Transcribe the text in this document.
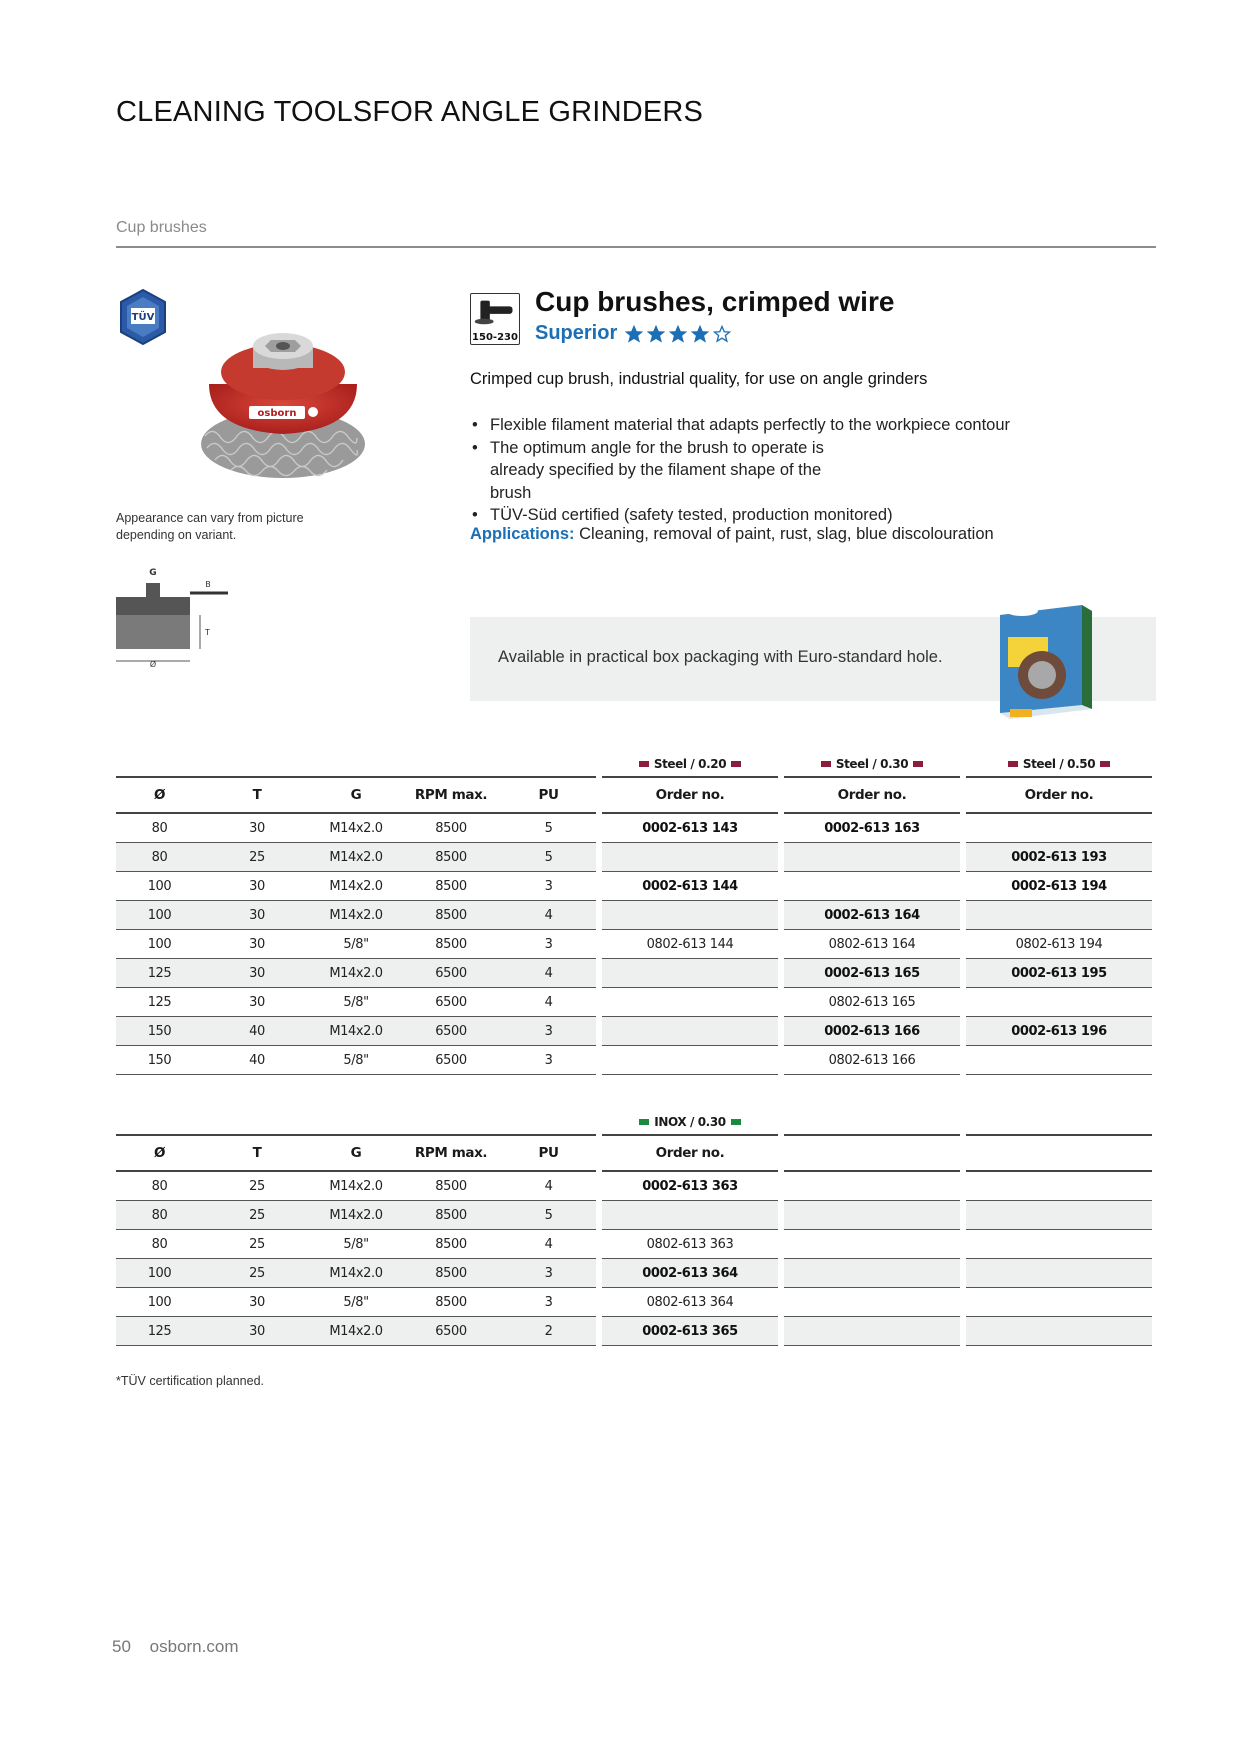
CLEANING TOOLSFOR ANGLE GRINDERS
Cup brushes
TÜV
osborn
Appearance can vary from picture depending on variant.
G
B
T
Ø
150-230
Cup brushes, crimped wire
Superior
Crimped cup brush, industrial quality, for use on angle grinders
• Flexible filament material that adapts perfectly to the workpiece contour
• The optimum angle for the brush to operate is already specified by the filament shape of the brush
• TÜV-Süd certified (safety tested, production monitored)
Applications: Cleaning, removal of paint, rust, slag, blue discolouration
Available in practical box packaging with Euro-standard hole.

						Steel / 0.20		Steel / 0.30		Steel / 0.50

Ø	T	G	RPM max.	PU		Order no.		Order no.		Order no.
80	30	M14x2.0	8500	5		0002-613 143		0002-613 163		
80	25	M14x2.0	8500	5						0002-613 193
100	30	M14x2.0	8500	3		0002-613 144				0002-613 194
100	30	M14x2.0	8500	4				0002-613 164		
100	30	5/8"	8500	3		0802-613 144		0802-613 164		0802-613 194
125	30	M14x2.0	6500	4				0002-613 165		0002-613 195
125	30	5/8"	6500	4				0802-613 165		
150	40	M14x2.0	6500	3				0002-613 166		0002-613 196
150	40	5/8"	6500	3				0802-613 166		

						INOX / 0.30				

Ø	T	G	RPM max.	PU		Order no.				
80	25	M14x2.0	8500	4		0002-613 363				
80	25	M14x2.0	8500	5						
80	25	5/8"	8500	4		0802-613 363				
100	25	M14x2.0	8500	3		0002-613 364				
100	30	5/8"	8500	3		0802-613 364				
125	30	M14x2.0	6500	2		0002-613 365				
*TÜV certification planned.
50 osborn.com
